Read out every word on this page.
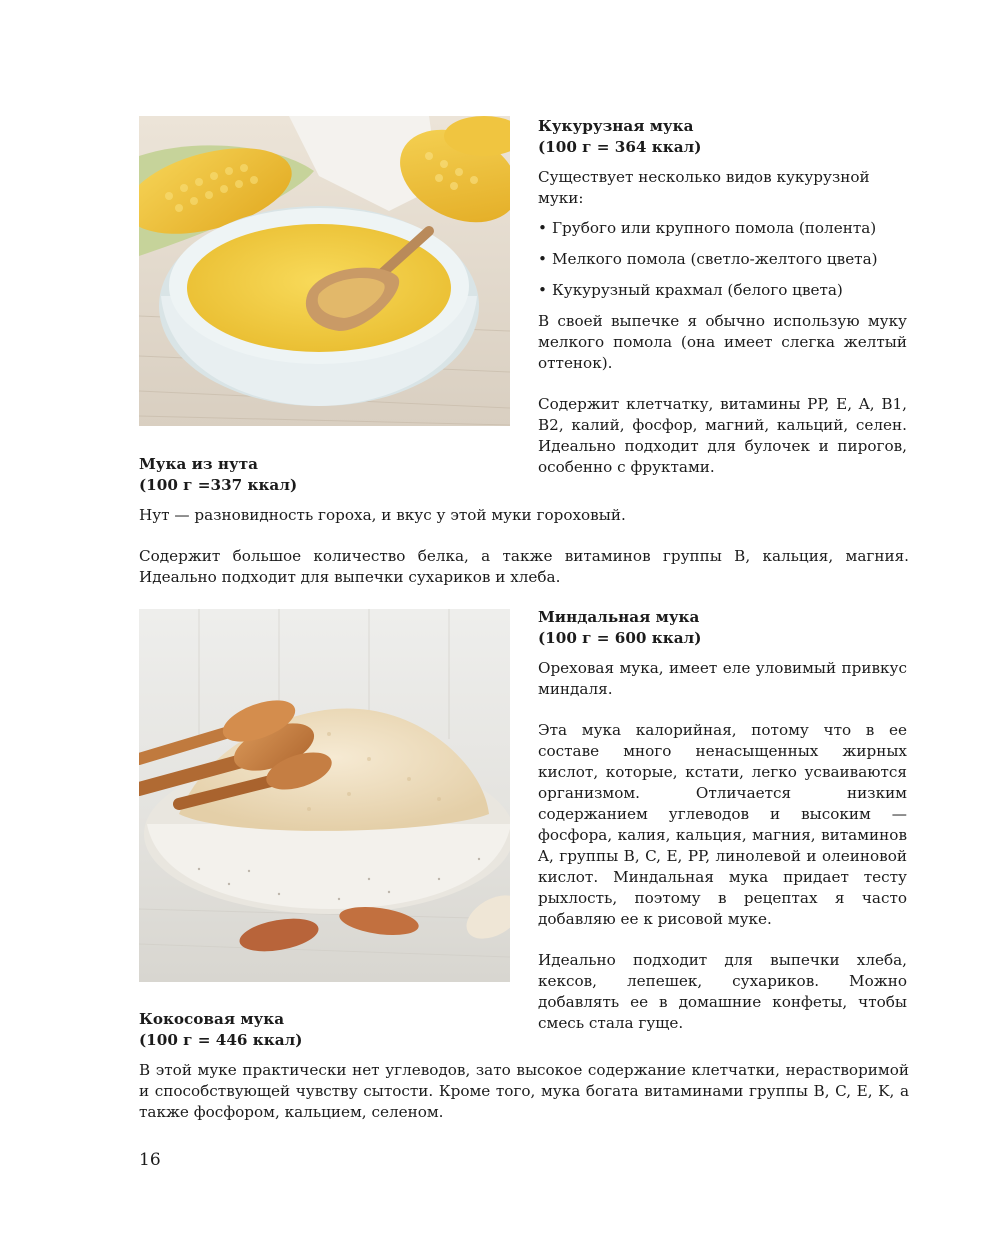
Кукурузная мука

(100 г = 364 ккал)

Существует несколько видов кукурузной муки:

• Грубого или крупного помола (полента)
• Мелкого помола (светло-желтого цвета)
• Кукурузный крахмал (белого цвета)

В своей выпечке я обычно использую муку мелкого помола (она имеет слегка желтый оттенок).

Содержит клетчатку, витамины PP, E, A, B1, B2, калий, фосфор, магний, кальций, селен. Идеально подходит для булочек и пирогов, особенно с фруктами.

Мука из нута

(100 г =337 ккал)

Нут — разновидность гороха, и вкус у этой муки гороховый.

Содержит большое количество белка, а также витаминов группы B, кальция, магния. Идеально подходит для выпечки сухариков и хлеба.

Миндальная мука

(100 г = 600 ккал)

Ореховая мука, имеет еле уловимый привкус миндаля.

Эта мука калорийная, потому что в ее составе много ненасыщенных жирных кислот, которые, кстати, легко усваиваются организмом. Отличается низким содержанием углеводов и высоким — фосфора, калия, кальция, магния, витаминов A, группы B, C, E, PP, линолевой и олеиновой кислот. Миндальная мука придает тесту рыхлость, поэтому в рецептах я часто добавляю ее к рисовой муке.

Идеально подходит для выпечки хлеба, кексов, лепешек, сухариков. Можно добавлять ее в домашние конфеты, чтобы смесь стала гуще.

Кокосовая мука

(100 г = 446 ккал)

В этой муке практически нет углеводов, зато высокое содержание клетчатки, нерастворимой и способствующей чувству сытости. Кроме того, мука богата витаминами группы B, C, E, K, а также фосфором, кальцием, селеном.

16
